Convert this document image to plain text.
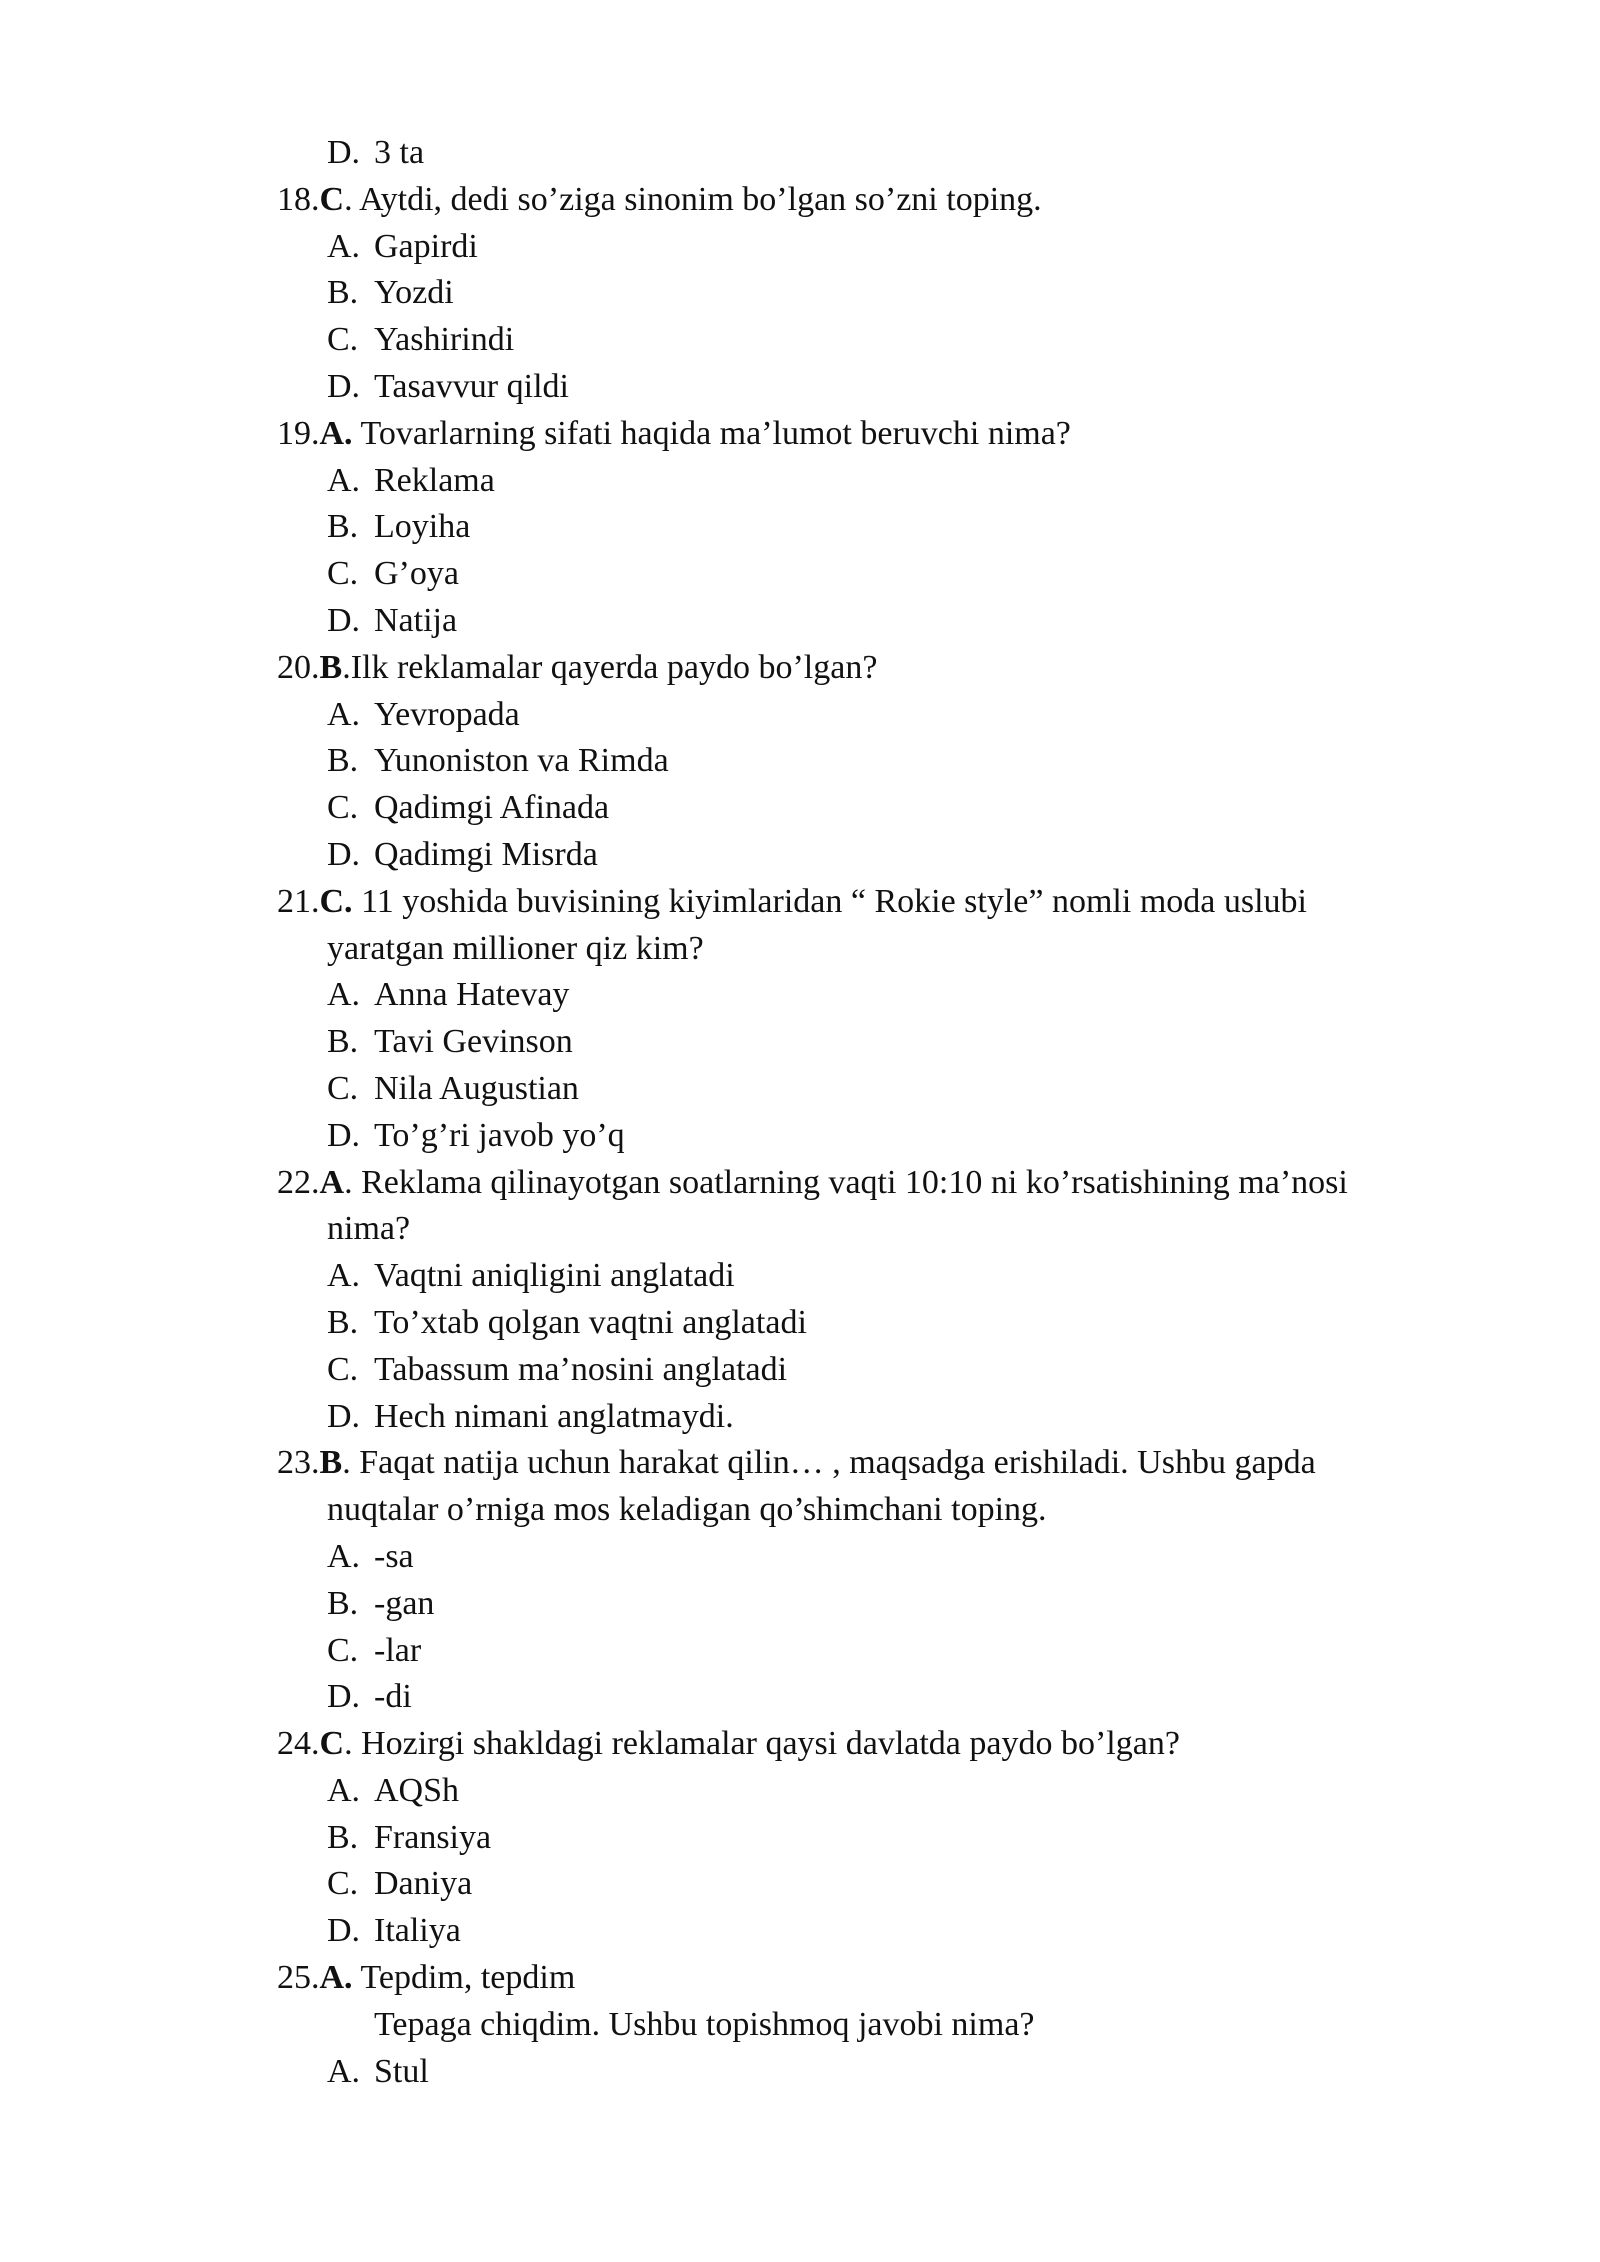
D. 3 ta
18.C. Aytdi, dedi so’ziga sinonim bo’lgan so’zni toping.
A. Gapirdi
B. Yozdi
C. Yashirindi
D. Tasavvur qildi
19.A. Tovarlarning sifati haqida ma’lumot beruvchi nima?
A. Reklama
B. Loyiha
C. G’oya
D. Natija
20.B.Ilk reklamalar qayerda paydo bo’lgan?
A. Yevropada
B. Yunoniston va Rimda
C. Qadimgi Afinada
D. Qadimgi Misrda
21.C. 11 yoshida buvisining kiyimlaridan “ Rokie style” nomli moda uslubi
yaratgan millioner qiz kim?
A. Anna Hatevay
B. Tavi Gevinson
C. Nila Augustian
D. To’g’ri javob yo’q
22.A. Reklama qilinayotgan soatlarning vaqti 10:10 ni ko’rsatishining ma’nosi
nima?
A. Vaqtni aniqligini anglatadi
B. To’xtab qolgan vaqtni anglatadi
C. Tabassum ma’nosini anglatadi
D. Hech nimani anglatmaydi.
23.B. Faqat natija uchun harakat qilin… , maqsadga erishiladi. Ushbu gapda
nuqtalar o’rniga mos keladigan qo’shimchani toping.
A. -sa
B. -gan
C. -lar
D. -di
24.C. Hozirgi shakldagi reklamalar qaysi davlatda paydo bo’lgan?
A. AQSh
B. Fransiya
C. Daniya
D. Italiya
25.A. Tepdim, tepdim
Tepaga chiqdim. Ushbu topishmoq javobi nima?
A. Stul
